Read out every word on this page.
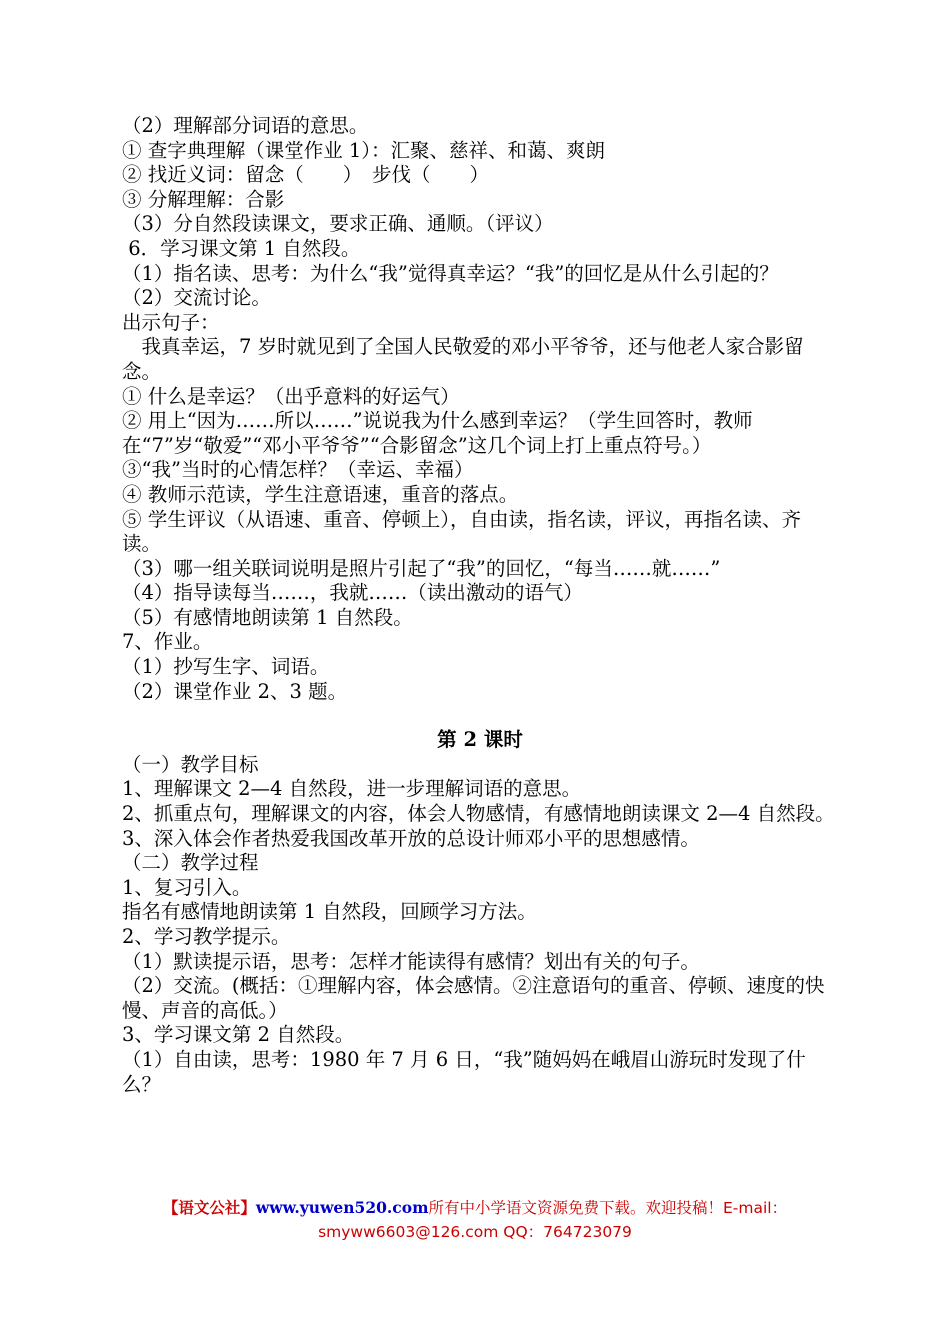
（2）理解部分词语的意思。

① 查字典理解（课堂作业 1）：汇聚、慈祥、和蔼、爽朗

② 找近义词：留念（　　）　步伐（　　）

③ 分解理解：合影

（3）分自然段读课文，要求正确、通顺。（评议）

6．学习课文第 1 自然段。

（1）指名读、思考：为什么“我”觉得真幸运？“我”的回忆是从什么引起的？

（2）交流讨论。

出示句子：

　我真幸运，7 岁时就见到了全国人民敬爱的邓小平爷爷，还与他老人家合影留念。

① 什么是幸运？（出乎意料的好运气）

② 用上“因为……所以……”说说我为什么感到幸运？（学生回答时，教师在“7”岁“敬爱”“邓小平爷爷”“合影留念”这几个词上打上重点符号。）

③“我”当时的心情怎样？（幸运、幸福）

④ 教师示范读，学生注意语速，重音的落点。

⑤ 学生评议（从语速、重音、停顿上），自由读，指名读，评议，再指名读、齐读。

（3）哪一组关联词说明是照片引起了“我”的回忆，“每当……就……”

（4）指导读每当……，我就……（读出激动的语气）

（5）有感情地朗读第 1 自然段。

7、作业。

（1）抄写生字、词语。

（2）课堂作业 2、3 题。

第 2 课时

（一）教学目标

1、理解课文 2—4 自然段，进一步理解词语的意思。

2、抓重点句，理解课文的内容，体会人物感情，有感情地朗读课文 2—4 自然段。

3、深入体会作者热爱我国改革开放的总设计师邓小平的思想感情。

（二）教学过程

1、复习引入。

指名有感情地朗读第 1 自然段，回顾学习方法。

2、学习教学提示。

（1）默读提示语，思考：怎样才能读得有感情？划出有关的句子。

（2）交流。(概括：①理解内容，体会感情。②注意语句的重音、停顿、速度的快慢、声音的高低。）

3、学习课文第 2 自然段。

（1）自由读，思考：1980 年 7 月 6 日，“我”随妈妈在峨眉山游玩时发现了什么？

【语文公社】www.yuwen520.com所有中小学语文资源免费下载。欢迎投稿！E-mail：
smyww6603@126.com QQ：764723079
